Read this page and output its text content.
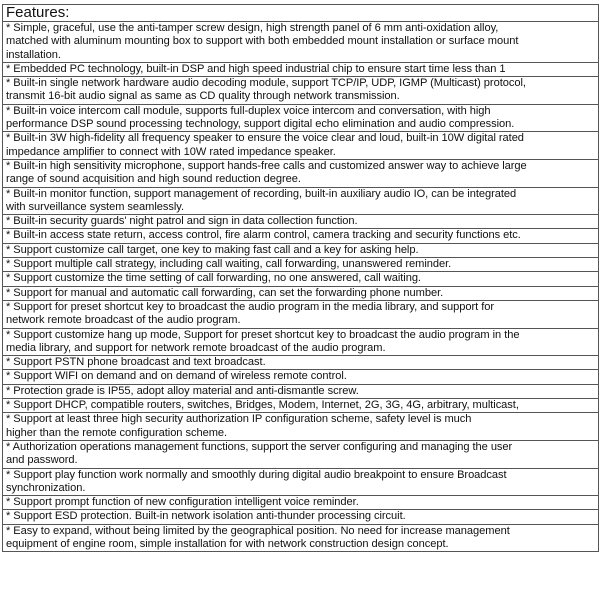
Features:

* Simple, graceful, use the anti-tamper screw design, high strength panel of 6 mm anti-oxidation alloy,
matched with aluminum mounting box to support with both embedded mount installation or surface mount
installation.

* Embedded PC technology, built-in DSP and high speed industrial chip to ensure start time less than 1

* Built-in single network hardware audio decoding module, support TCP/IP, UDP, IGMP (Multicast) protocol,
transmit 16-bit audio signal as same as CD quality through network transmission.

* Built-in voice intercom call module, supports full-duplex voice intercom and conversation, with high
performance DSP sound processing technology, support digital echo elimination and audio compression.

* Built-in 3W high-fidelity all frequency speaker to ensure the voice clear and loud, built-in 10W digital rated
impedance amplifier to connect with 10W rated impedance speaker.

* Built-in high sensitivity microphone, support hands-free calls and customized answer way to achieve large
range of sound acquisition and high sound reduction degree.

* Built-in monitor function, support management of recording, built-in auxiliary audio IO, can be integrated
with surveillance system seamlessly.

* Built-in security guards' night patrol and sign in data collection function.

* Built-in access state return, access control, fire alarm control, camera tracking and security functions etc.

* Support customize call target, one key to making fast call and a key for asking help.

* Support multiple call strategy, including call waiting, call forwarding, unanswered reminder.

* Support customize the time setting of call forwarding, no one answered, call waiting.

* Support for manual and automatic call forwarding, can set the forwarding phone number.

* Support for preset shortcut key to broadcast the audio program in the media library, and support for
network remote broadcast of the audio program.

* Support customize hang up mode, Support for preset shortcut key to broadcast the audio program in the
media library, and support for network remote broadcast of the audio program.

* Support PSTN phone broadcast and text broadcast.

* Support WIFI on demand and on demand of wireless remote control.

* Protection grade is IP55, adopt alloy material and anti-dismantle screw.

* Support DHCP, compatible routers, switches, Bridges, Modem, Internet, 2G, 3G, 4G, arbitrary, multicast,

* Support at least three high security authorization IP configuration scheme, safety level is much
higher than the remote configuration scheme.

* Authorization operations management functions, support the server configuring and managing the user
and password.

* Support play function work normally and smoothly during digital audio breakpoint to ensure Broadcast
synchronization.

* Support prompt function of new configuration intelligent voice reminder.

* Support ESD protection. Built-in network isolation anti-thunder processing circuit.

* Easy to expand, without being limited by the geographical position. No need for increase management
equipment of engine room, simple installation for with network construction design concept.
